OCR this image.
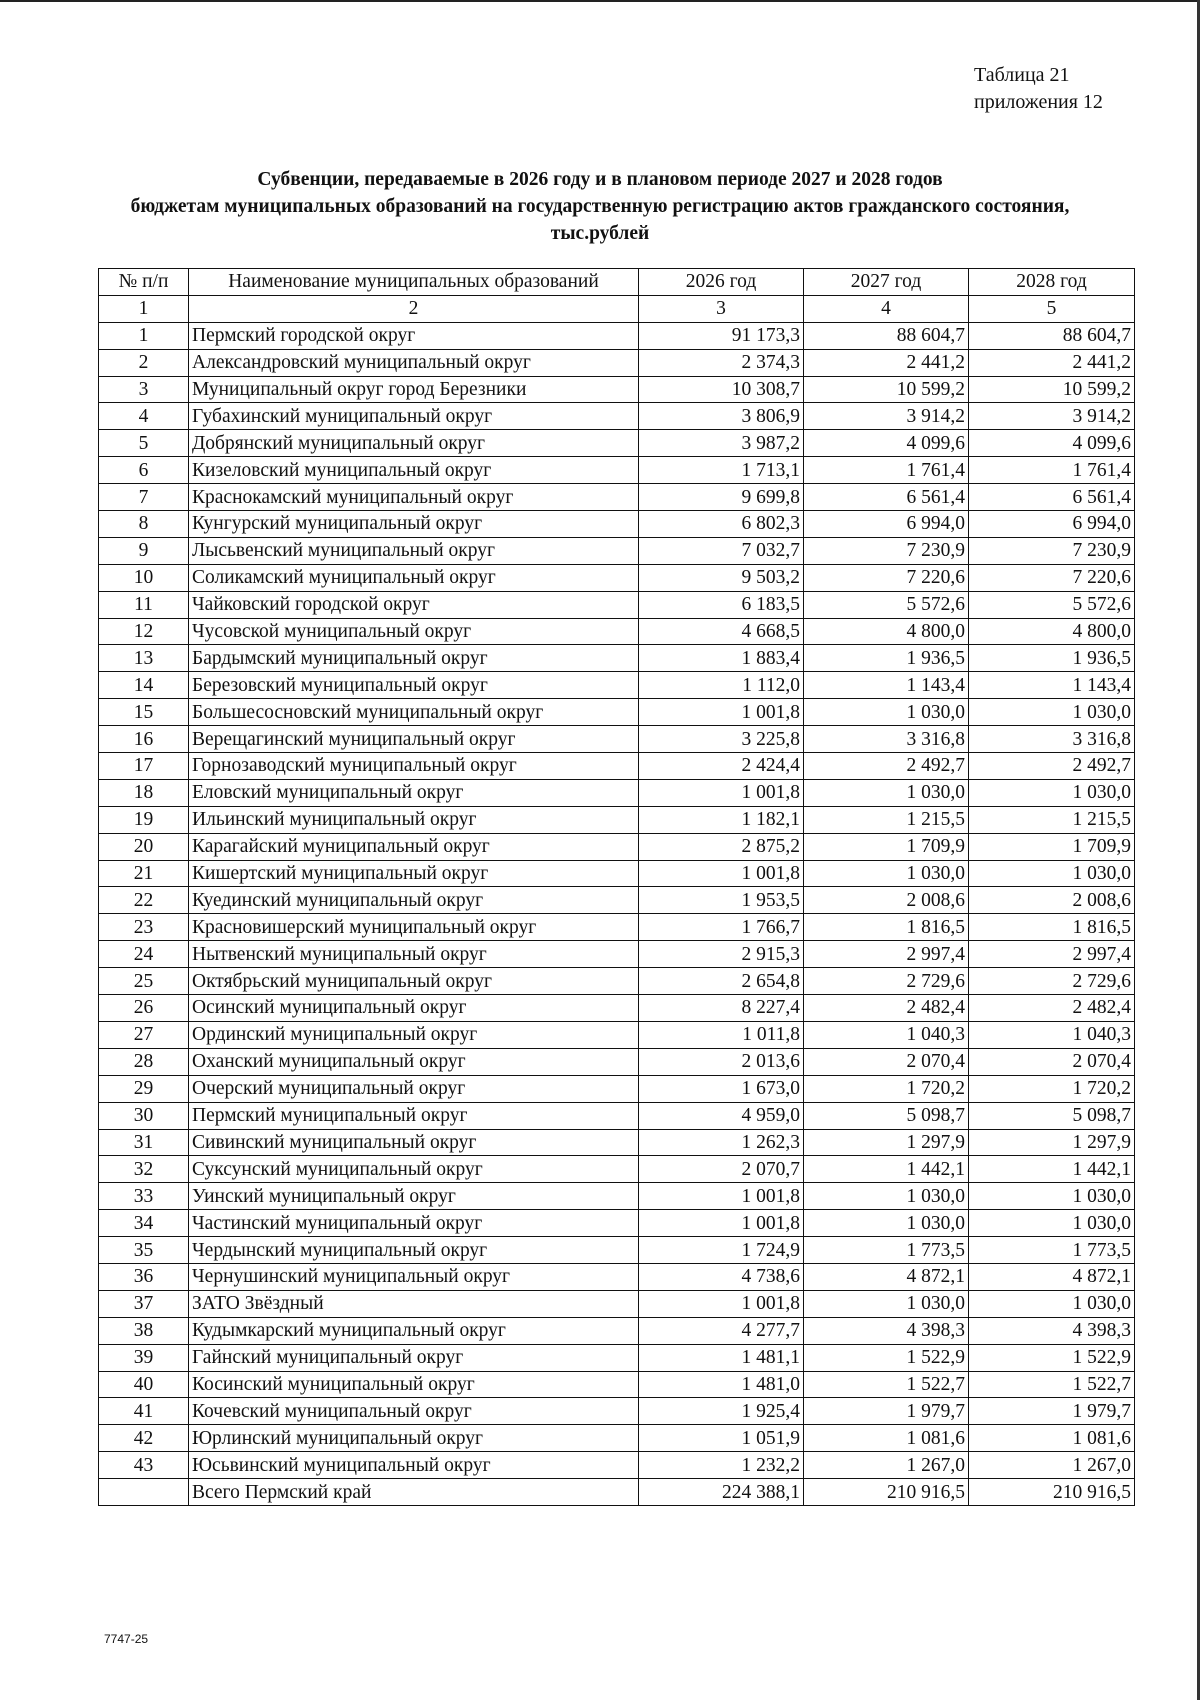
Таблица 21
приложения 12
Субвенции, передаваемые в 2026 году и в плановом периоде 2027 и 2028 годов
бюджетам муниципальных образований на государственную регистрацию актов гражданского состояния,
тыс.рублей
№ п/п	Наименование муниципальных образований	2026 год	2027 год	2028 год
1	2	3	4	5
1	Пермский городской округ	91 173,3	88 604,7	88 604,7
2	Александровский муниципальный округ	2 374,3	2 441,2	2 441,2
3	Муниципальный округ город Березники	10 308,7	10 599,2	10 599,2
4	Губахинский муниципальный округ	3 806,9	3 914,2	3 914,2
5	Добрянский муниципальный округ	3 987,2	4 099,6	4 099,6
6	Кизеловский муниципальный округ	1 713,1	1 761,4	1 761,4
7	Краснокамский муниципальный округ	9 699,8	6 561,4	6 561,4
8	Кунгурский муниципальный округ	6 802,3	6 994,0	6 994,0
9	Лысьвенский муниципальный округ	7 032,7	7 230,9	7 230,9
10	Соликамский муниципальный округ	9 503,2	7 220,6	7 220,6
11	Чайковский городской округ	6 183,5	5 572,6	5 572,6
12	Чусовской муниципальный округ	4 668,5	4 800,0	4 800,0
13	Бардымский муниципальный округ	1 883,4	1 936,5	1 936,5
14	Березовский муниципальный округ	1 112,0	1 143,4	1 143,4
15	Большесосновский муниципальный округ	1 001,8	1 030,0	1 030,0
16	Верещагинский муниципальный округ	3 225,8	3 316,8	3 316,8
17	Горнозаводский муниципальный округ	2 424,4	2 492,7	2 492,7
18	Еловский муниципальный округ	1 001,8	1 030,0	1 030,0
19	Ильинский муниципальный округ	1 182,1	1 215,5	1 215,5
20	Карагайский муниципальный округ	2 875,2	1 709,9	1 709,9
21	Кишертский муниципальный округ	1 001,8	1 030,0	1 030,0
22	Куединский муниципальный округ	1 953,5	2 008,6	2 008,6
23	Красновишерский муниципальный округ	1 766,7	1 816,5	1 816,5
24	Нытвенский муниципальный округ	2 915,3	2 997,4	2 997,4
25	Октябрьский муниципальный округ	2 654,8	2 729,6	2 729,6
26	Осинский муниципальный округ	8 227,4	2 482,4	2 482,4
27	Ординский муниципальный округ	1 011,8	1 040,3	1 040,3
28	Оханский муниципальный округ	2 013,6	2 070,4	2 070,4
29	Очерский муниципальный округ	1 673,0	1 720,2	1 720,2
30	Пермский муниципальный округ	4 959,0	5 098,7	5 098,7
31	Сивинский муниципальный округ	1 262,3	1 297,9	1 297,9
32	Суксунский муниципальный округ	2 070,7	1 442,1	1 442,1
33	Уинский муниципальный округ	1 001,8	1 030,0	1 030,0
34	Частинский муниципальный округ	1 001,8	1 030,0	1 030,0
35	Чердынский муниципальный округ	1 724,9	1 773,5	1 773,5
36	Чернушинский муниципальный округ	4 738,6	4 872,1	4 872,1
37	ЗАТО Звёздный	1 001,8	1 030,0	1 030,0
38	Кудымкарский муниципальный округ	4 277,7	4 398,3	4 398,3
39	Гайнский муниципальный округ	1 481,1	1 522,9	1 522,9
40	Косинский муниципальный округ	1 481,0	1 522,7	1 522,7
41	Кочевский муниципальный округ	1 925,4	1 979,7	1 979,7
42	Юрлинский муниципальный округ	1 051,9	1 081,6	1 081,6
43	Юсьвинский муниципальный округ	1 232,2	1 267,0	1 267,0
	Всего Пермский край	224 388,1	210 916,5	210 916,5
7747-25
